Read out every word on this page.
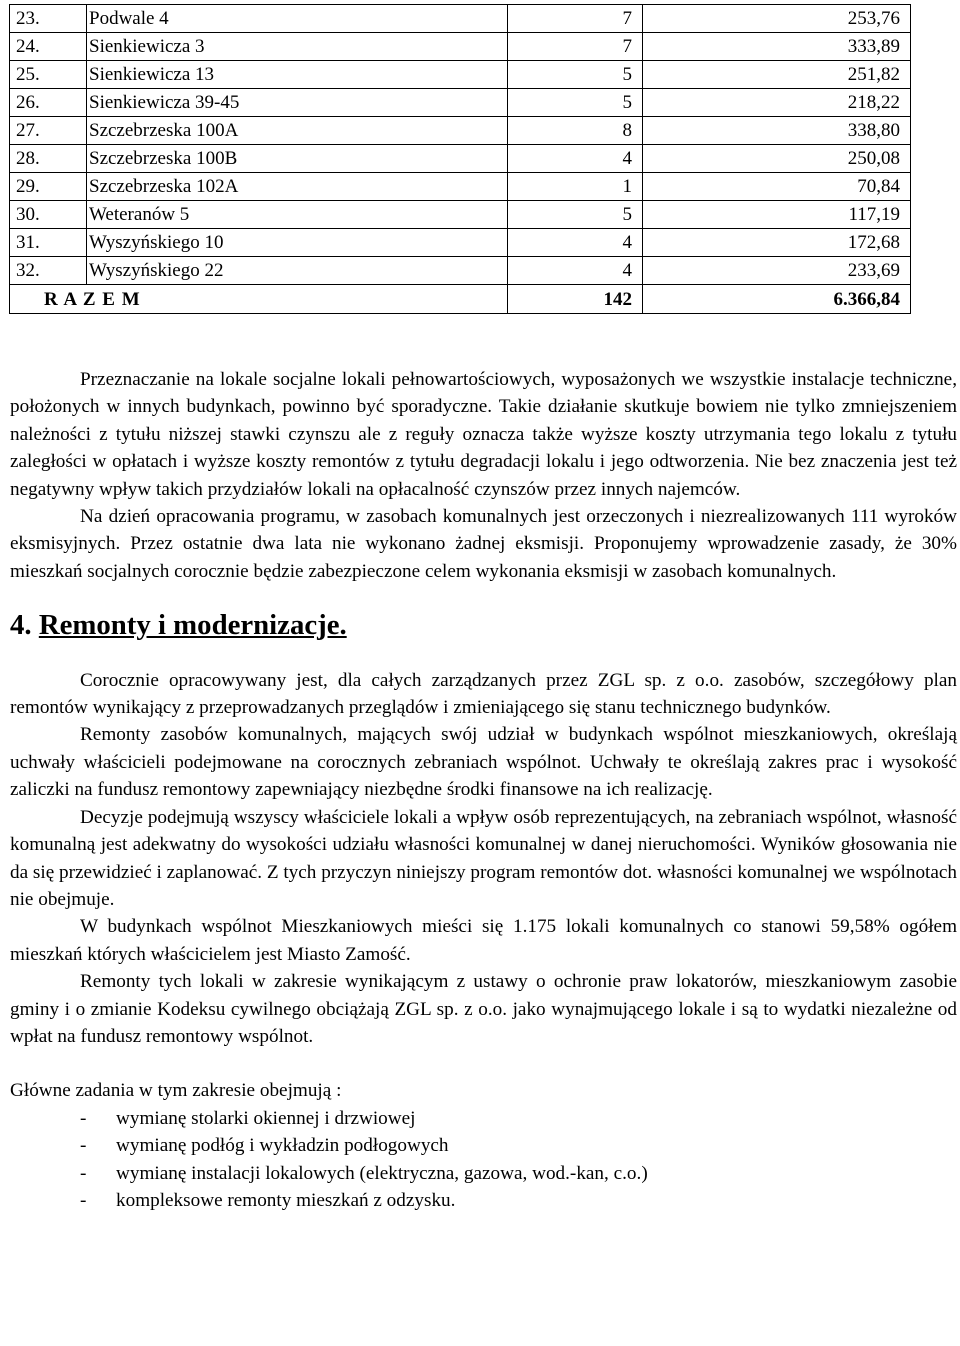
23.	Podwale 4	7	253,76
24.	Sienkiewicza 3	7	333,89
25.	Sienkiewicza 13	5	251,82
26.	Sienkiewicza 39-45	5	218,22
27.	Szczebrzeska 100A	8	338,80
28.	Szczebrzeska 100B	4	250,08
29.	Szczebrzeska 102A	1	70,84
30.	Weteranów 5	5	117,19
31.	Wyszyńskiego 10	4	172,68
32.	Wyszyńskiego 22	4	233,69
R A Z E M		142	6.366,84

Przeznaczanie na lokale socjalne lokali pełnowartościowych, wyposażonych we wszystkie instalacje techniczne, położonych w innych budynkach, powinno być sporadyczne. Takie działanie skutkuje bowiem nie tylko zmniejszeniem należności z tytułu niższej stawki czynszu ale z reguły oznacza także wyższe koszty utrzymania tego lokalu z tytułu zaległości w opłatach i wyższe koszty remontów z tytułu degradacji lokalu i jego odtworzenia. Nie bez znaczenia jest też negatywny wpływ takich przydziałów lokali na opłacalność czynszów przez innych najemców.

Na dzień opracowania programu, w zasobach komunalnych jest orzeczonych i niezrealizowanych 111 wyroków eksmisyjnych. Przez ostatnie dwa lata nie wykonano żadnej eksmisji. Proponujemy wprowadzenie zasady, że 30% mieszkań socjalnych corocznie będzie zabezpieczone celem wykonania eksmisji w zasobach komunalnych.

4. Remonty i modernizacje.

Corocznie opracowywany jest, dla całych zarządzanych przez ZGL sp. z o.o. zasobów, szczegółowy plan remontów wynikający z przeprowadzanych przeglądów i zmieniającego się stanu technicznego budynków.

Remonty zasobów komunalnych, mających swój udział w budynkach wspólnot mieszkaniowych, określają uchwały właścicieli podejmowane na corocznych zebraniach wspólnot. Uchwały te określają zakres prac i wysokość zaliczki na fundusz remontowy zapewniający niezbędne środki finansowe na ich realizację.

Decyzje podejmują wszyscy właściciele lokali a wpływ osób reprezentujących, na zebraniach wspólnot, własność komunalną jest adekwatny do wysokości udziału własności komunalnej w danej nieruchomości. Wyników głosowania nie da się przewidzieć i zaplanować. Z tych przyczyn niniejszy program remontów dot. własności komunalnej we wspólnotach nie obejmuje.

W budynkach wspólnot Mieszkaniowych mieści się 1.175 lokali komunalnych co stanowi 59,58% ogółem mieszkań których właścicielem jest Miasto Zamość.

Remonty tych lokali w zakresie wynikającym z ustawy o ochronie praw lokatorów, mieszkaniowym zasobie gminy i o zmianie Kodeksu cywilnego obciążają ZGL sp. z o.o. jako wynajmującego lokale i są to wydatki niezależne od wpłat na fundusz remontowy wspólnot.

Główne zadania w tym zakresie obejmują :

- wymianę stolarki okiennej i drzwiowej
- wymianę podłóg i wykładzin podłogowych
- wymianę instalacji lokalowych (elektryczna, gazowa, wod.-kan, c.o.)
- kompleksowe remonty mieszkań z odzysku.
